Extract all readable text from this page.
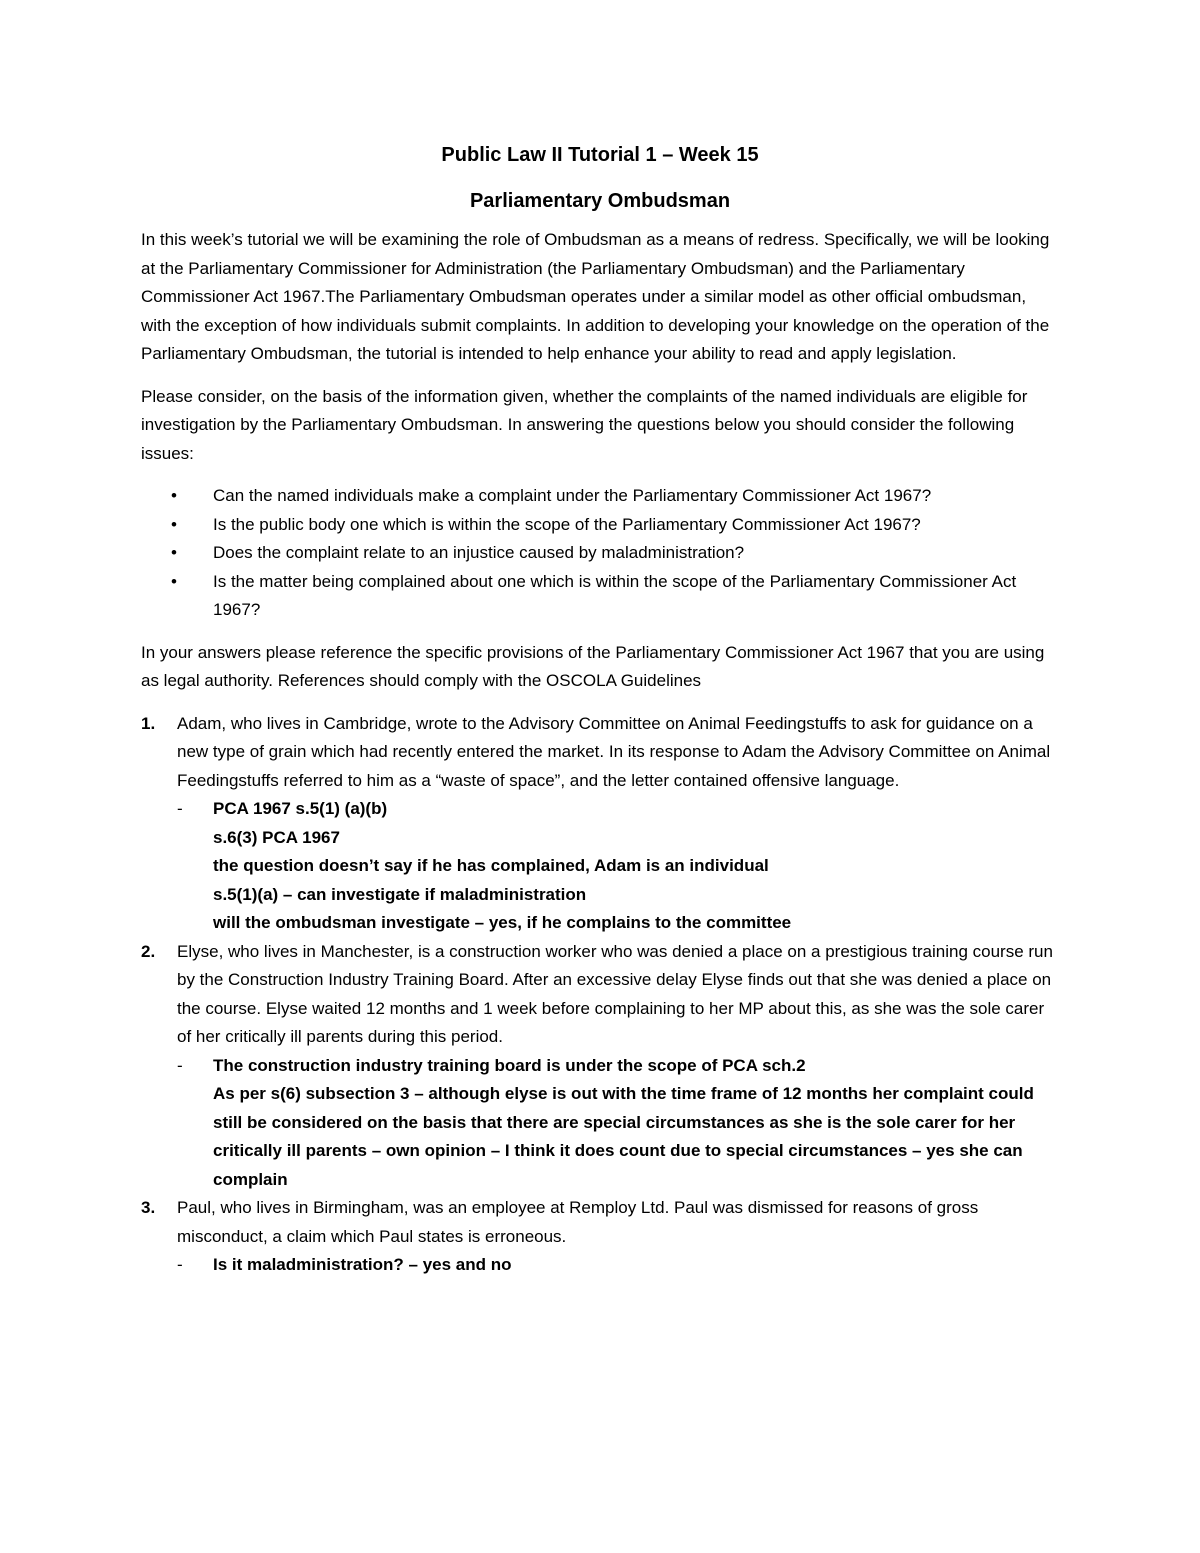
Public Law II Tutorial 1 – Week 15
Parliamentary Ombudsman

In this week’s tutorial we will be examining the role of Ombudsman as a means of redress. Specifically, we will be looking at the Parliamentary Commissioner for Administration (the Parliamentary Ombudsman) and the Parliamentary Commissioner Act 1967.The Parliamentary Ombudsman operates under a similar model as other official ombudsman, with the exception of how individuals submit complaints. In addition to developing your knowledge on the operation of the Parliamentary Ombudsman, the tutorial is intended to help enhance your ability to read and apply legislation.

Please consider, on the basis of the information given, whether the complaints of the named individuals are eligible for investigation by the Parliamentary Ombudsman. In answering the questions below you should consider the following issues:

• Can the named individuals make a complaint under the Parliamentary Commissioner Act 1967?
• Is the public body one which is within the scope of the Parliamentary Commissioner Act 1967?
• Does the complaint relate to an injustice caused by maladministration?
• Is the matter being complained about one which is within the scope of the Parliamentary Commissioner Act 1967?

In your answers please reference the specific provisions of the Parliamentary Commissioner Act 1967 that you are using as legal authority. References should comply with the OSCOLA Guidelines

1. Adam, who lives in Cambridge, wrote to the Advisory Committee on Animal Feedingstuffs to ask for guidance on a new type of grain which had recently entered the market. In its response to Adam the Advisory Committee on Animal Feedingstuffs referred to him as a “waste of space”, and the letter contained offensive language.
- PCA 1967 s.5(1) (a)(b)
s.6(3) PCA 1967
the question doesn’t say if he has complained, Adam is an individual
s.5(1)(a) – can investigate if maladministration
will the ombudsman investigate – yes, if he complains to the committee
2. Elyse, who lives in Manchester, is a construction worker who was denied a place on a prestigious training course run by the Construction Industry Training Board. After an excessive delay Elyse finds out that she was denied a place on the course. Elyse waited 12 months and 1 week before complaining to her MP about this, as she was the sole carer of her critically ill parents during this period.
- The construction industry training board is under the scope of PCA sch.2
As per s(6) subsection 3 – although elyse is out with the time frame of 12 months her complaint could still be considered on the basis that there are special circumstances as she is the sole carer for her critically ill parents – own opinion – I think it does count due to special circumstances – yes she can complain
3. Paul, who lives in Birmingham, was an employee at Remploy Ltd. Paul was dismissed for reasons of gross misconduct, a claim which Paul states is erroneous.
- Is it maladministration? – yes and no
